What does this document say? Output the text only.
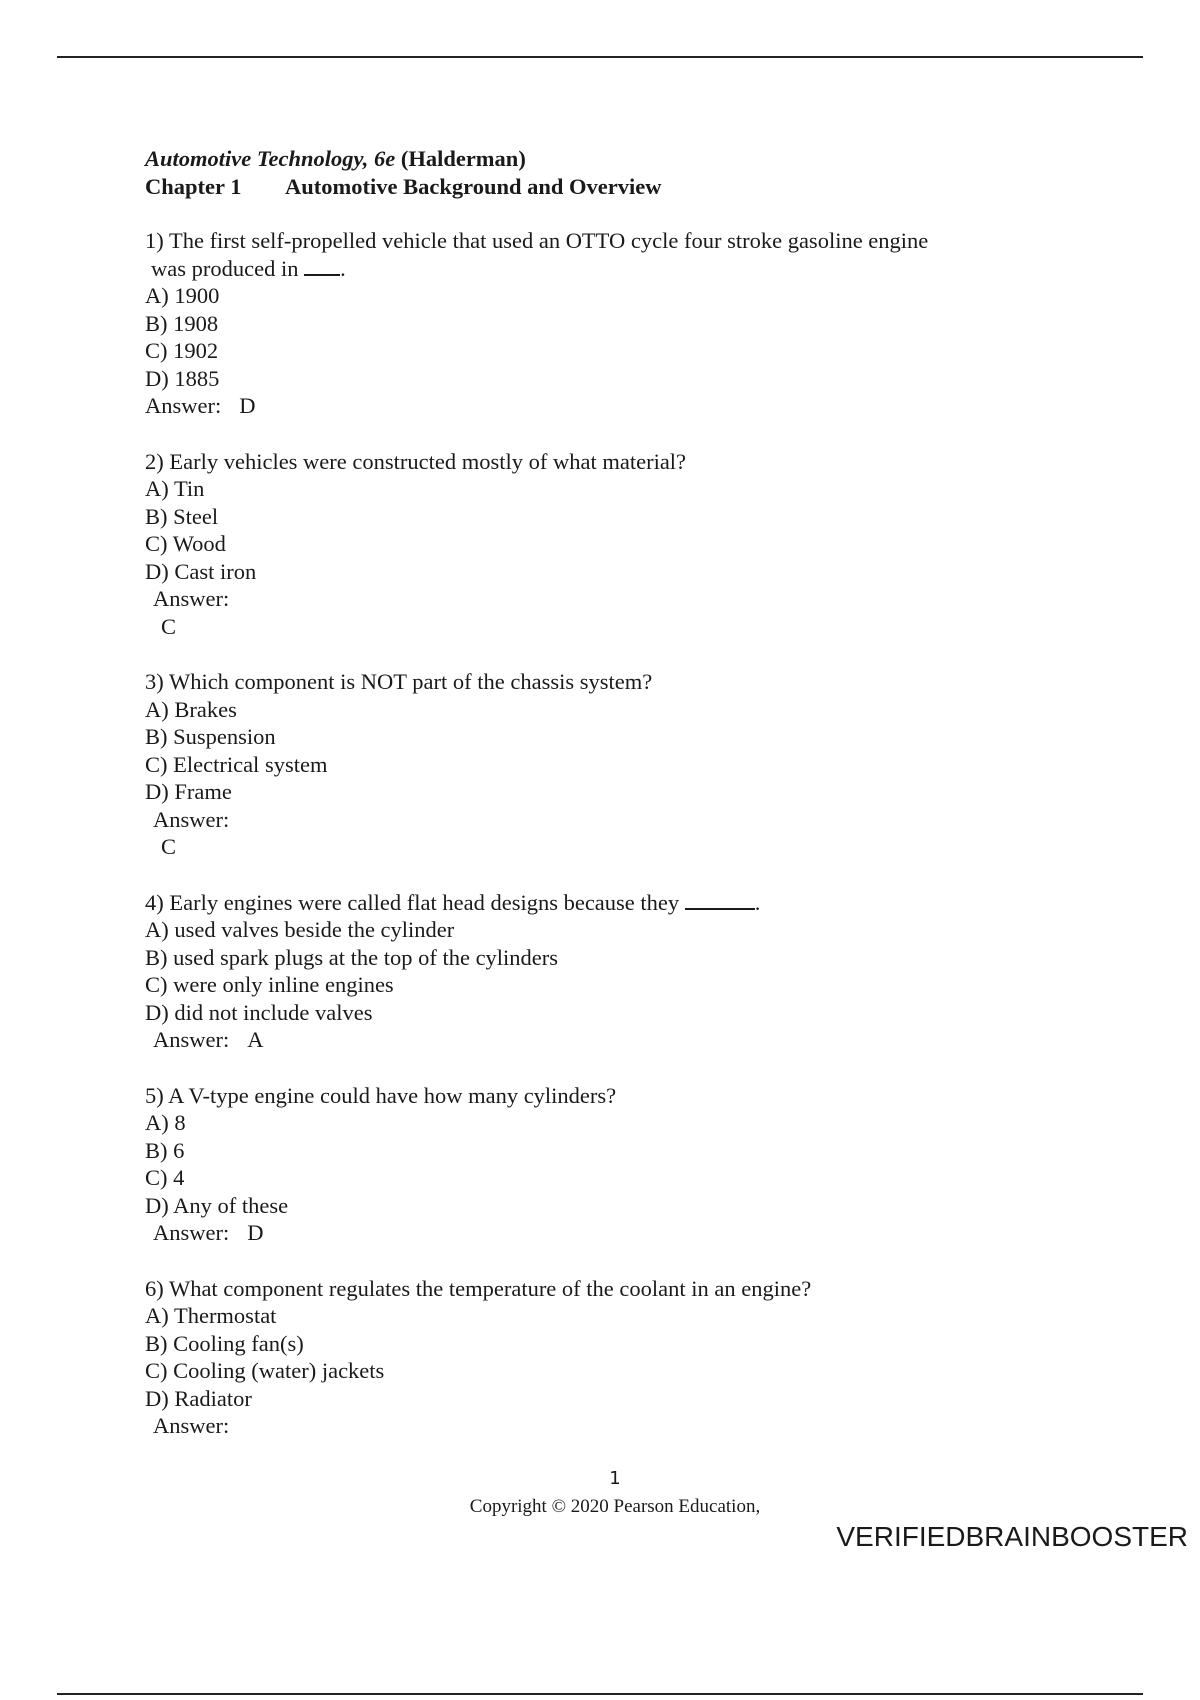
Automotive Technology, 6e (Halderman)
Chapter 1 Automotive Background and Overview
1) The first self-propelled vehicle that used an OTTO cycle four stroke gasoline engine
was produced in .
A) 1900
B) 1908
C) 1902
D) 1885
Answer: D
2) Early vehicles were constructed mostly of what material?
A) Tin
B) Steel
C) Wood
D) Cast iron
Answer:
C
3) Which component is NOT part of the chassis system?
A) Brakes
B) Suspension
C) Electrical system
D) Frame
Answer:
C
4) Early engines were called flat head designs because they	.
A) used valves beside the cylinder
B) used spark plugs at the top of the cylinders
C) were only inline engines
D) did not include valves
Answer: A
5) A V-type engine could have how many cylinders?
A) 8
B) 6
C) 4
D) Any of these
Answer: D
6) What component regulates the temperature of the coolant in an engine?
A) Thermostat
B) Cooling fan(s)
C) Cooling (water) jackets
D) Radiator
Answer:
1
Copyright © 2020 Pearson Education,
VERIFIEDBRAINBOOSTER
